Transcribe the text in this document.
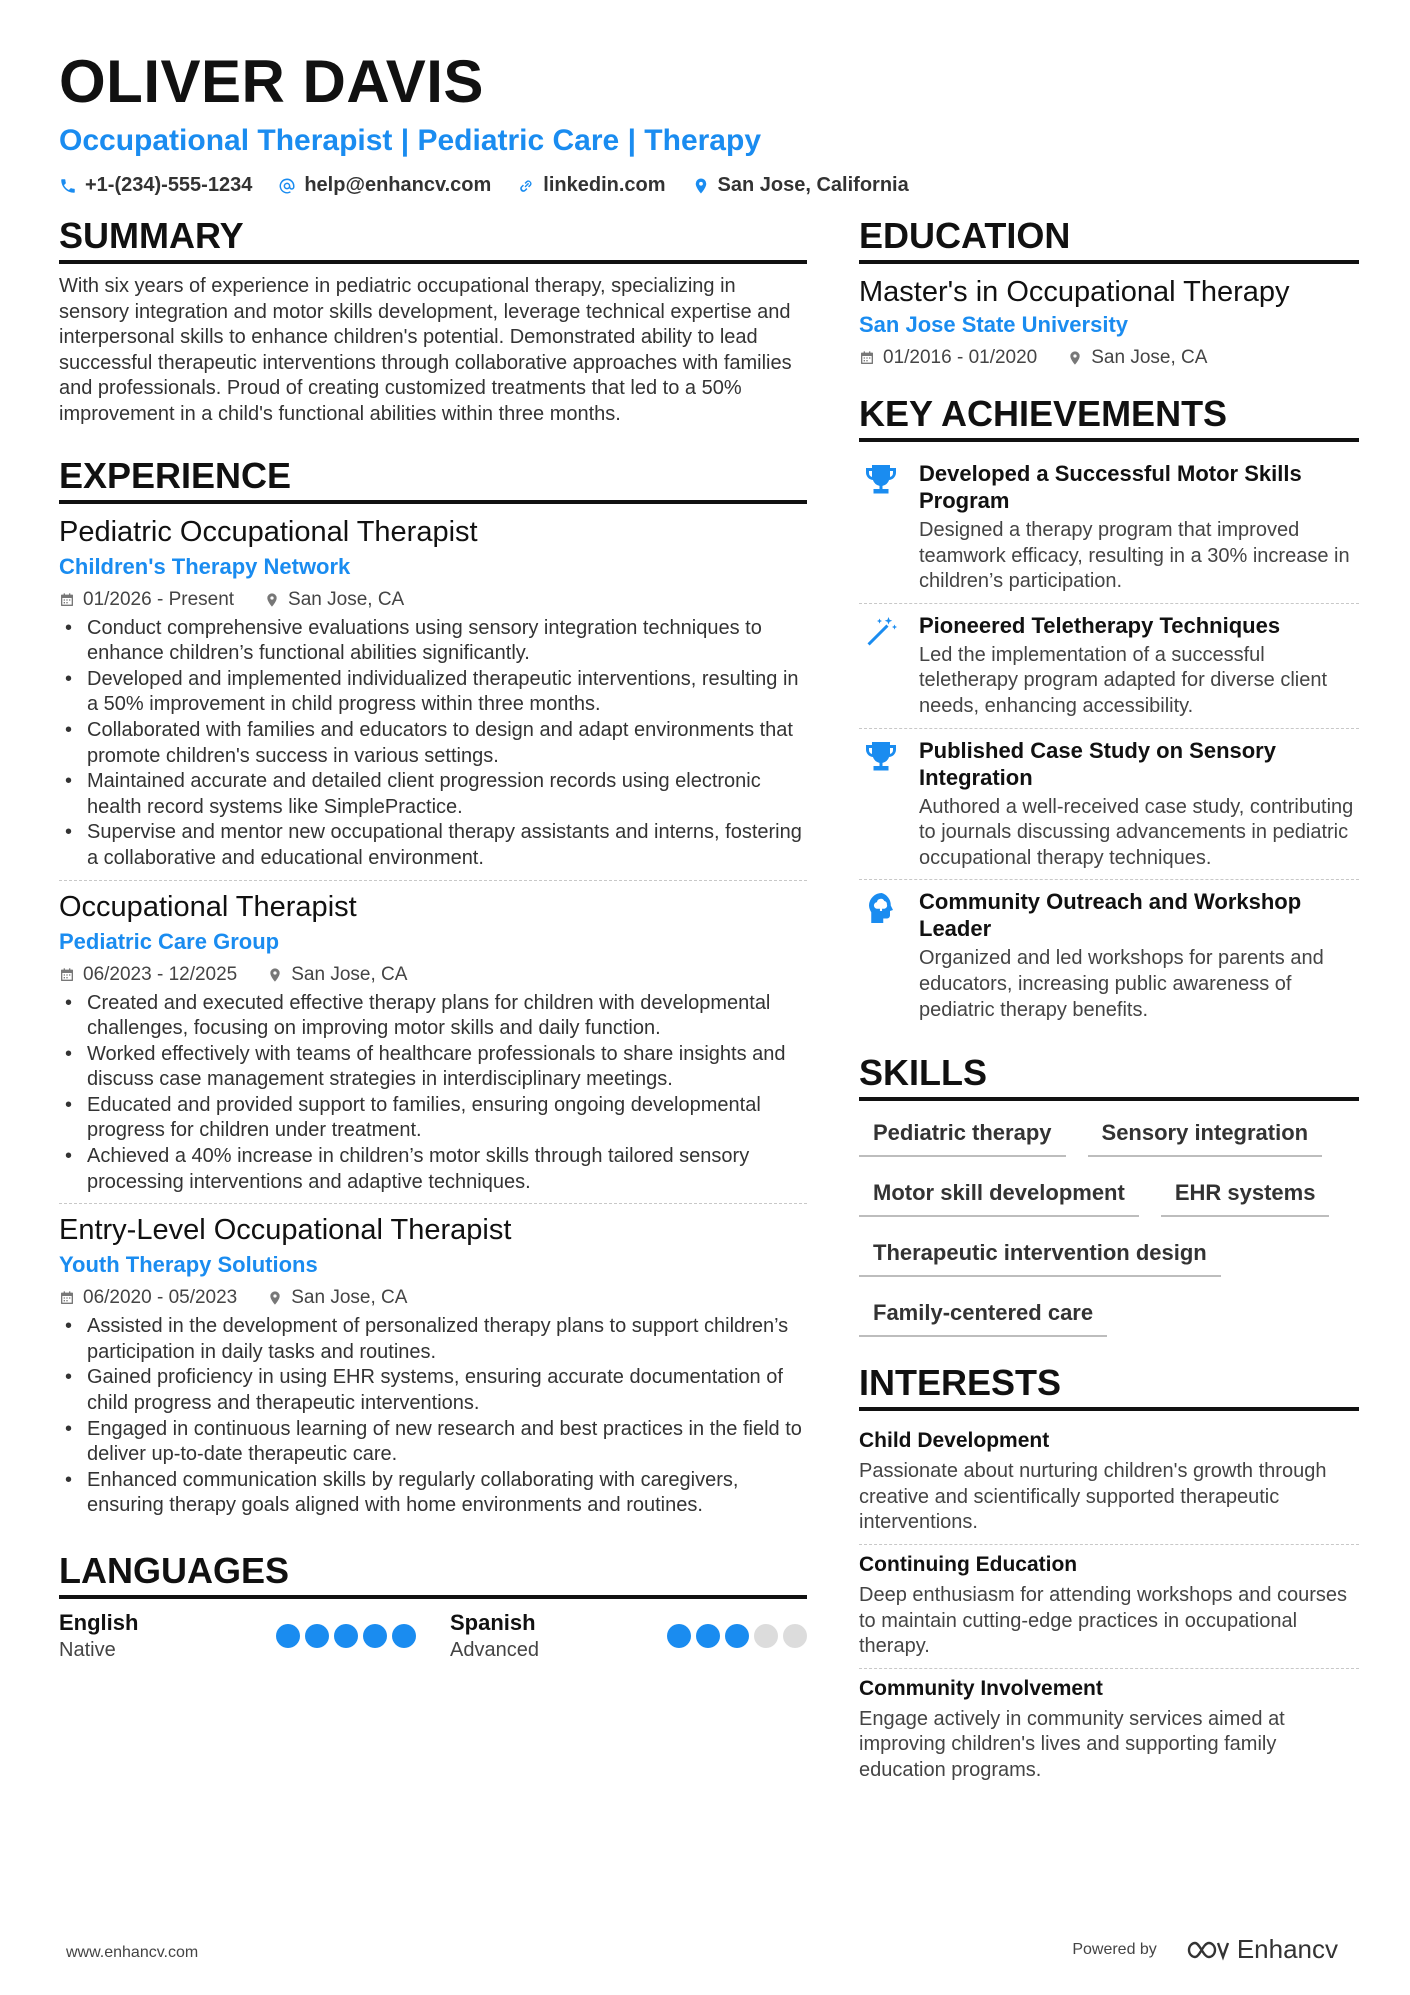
OLIVER DAVIS
Occupational Therapist | Pediatric Care | Therapy
+1-(234)-555-1234	help@enhancv.com	linkedin.com	San Jose, California
SUMMARY

With six years of experience in pediatric occupational therapy, specializing in sensory integration and motor skills development, leverage technical expertise and interpersonal skills to enhance children's potential. Demonstrated ability to lead successful therapeutic interventions through collaborative approaches with families and professionals. Proud of creating customized treatments that led to a 50% improvement in a child's functional abilities within three months.

EXPERIENCE
Pediatric Occupational Therapist
Children's Therapy Network
01/2026 - Present	San Jose, CA
• Conduct comprehensive evaluations using sensory integration techniques to enhance children’s functional abilities significantly.
• Developed and implemented individualized therapeutic interventions, resulting in a 50% improvement in child progress within three months.
• Collaborated with families and educators to design and adapt environments that promote children's success in various settings.
• Maintained accurate and detailed client progression records using electronic health record systems like SimplePractice.
• Supervise and mentor new occupational therapy assistants and interns, fostering a collaborative and educational environment.
Occupational Therapist
Pediatric Care Group
06/2023 - 12/2025	San Jose, CA
• Created and executed effective therapy plans for children with developmental challenges, focusing on improving motor skills and daily function.
• Worked effectively with teams of healthcare professionals to share insights and discuss case management strategies in interdisciplinary meetings.
• Educated and provided support to families, ensuring ongoing developmental progress for children under treatment.
• Achieved a 40% increase in children’s motor skills through tailored sensory processing interventions and adaptive techniques.
Entry-Level Occupational Therapist
Youth Therapy Solutions
06/2020 - 05/2023	San Jose, CA
• Assisted in the development of personalized therapy plans to support children’s participation in daily tasks and routines.
• Gained proficiency in using EHR systems, ensuring accurate documentation of child progress and therapeutic interventions.
• Engaged in continuous learning of new research and best practices in the field to deliver up-to-date therapeutic care.
• Enhanced communication skills by regularly collaborating with caregivers, ensuring therapy goals aligned with home environments and routines.
LANGUAGES
English
Native
Spanish
Advanced
EDUCATION
Master's in Occupational Therapy
San Jose State University
01/2016 - 01/2020	San Jose, CA
KEY ACHIEVEMENTS
Developed a Successful Motor Skills Program
Designed a therapy program that improved teamwork efficacy, resulting in a 30% increase in children’s participation.
Pioneered Teletherapy Techniques
Led the implementation of a successful teletherapy program adapted for diverse client needs, enhancing accessibility.
Published Case Study on Sensory Integration
Authored a well-received case study, contributing to journals discussing advancements in pediatric occupational therapy techniques.
Community Outreach and Workshop Leader
Organized and led workshops for parents and educators, increasing public awareness of pediatric therapy benefits.
SKILLS
Pediatric therapy	Sensory integration
Motor skill development	EHR systems
Therapeutic intervention design
Family-centered care
INTERESTS
Child Development
Passionate about nurturing children's growth through creative and scientifically supported therapeutic interventions.
Continuing Education
Deep enthusiasm for attending workshops and courses to maintain cutting-edge practices in occupational therapy.
Community Involvement
Engage actively in community services aimed at improving children's lives and supporting family education programs.
www.enhancv.com	Powered by	Enhancv
